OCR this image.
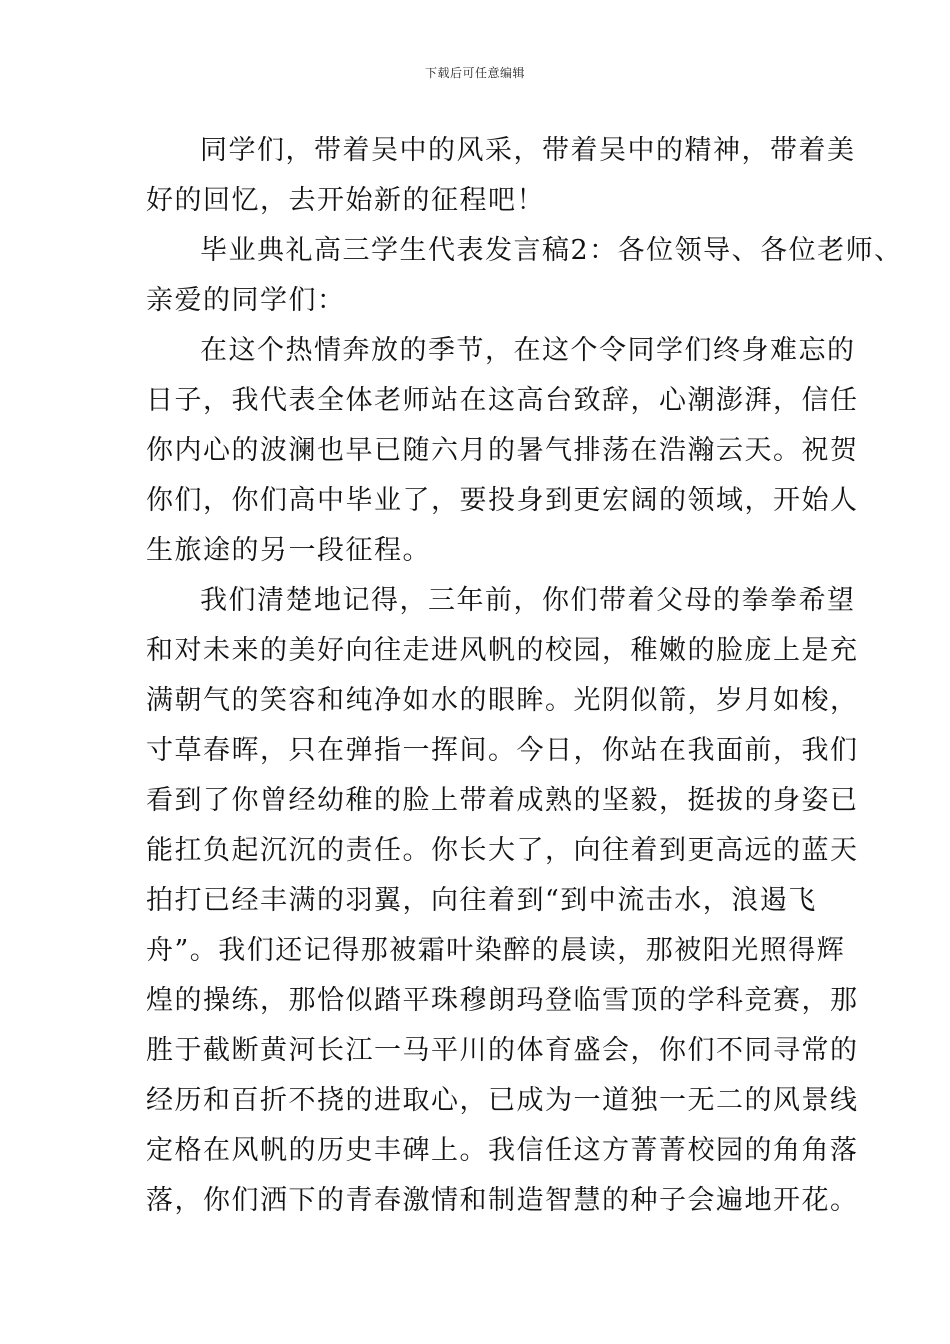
下载后可任意编辑
同学们，带着吴中的风采，带着吴中的精神，带着美
好的回忆，去开始新的征程吧！
毕业典礼高三学生代表发言稿2：各位领导、各位老师、
亲爱的同学们：
在这个热情奔放的季节，在这个令同学们终身难忘的
日子，我代表全体老师站在这高台致辞，心潮澎湃，信任
你内心的波澜也早已随六月的暑气排荡在浩瀚云天。祝贺
你们，你们高中毕业了，要投身到更宏阔的领域，开始人
生旅途的另一段征程。
我们清楚地记得，三年前，你们带着父母的拳拳希望
和对未来的美好向往走进风帆的校园，稚嫩的脸庞上是充
满朝气的笑容和纯净如水的眼眸。光阴似箭，岁月如梭，
寸草春晖，只在弹指一挥间。今日，你站在我面前，我们
看到了你曾经幼稚的脸上带着成熟的坚毅，挺拔的身姿已
能扛负起沉沉的责任。你长大了，向往着到更高远的蓝天
拍打已经丰满的羽翼，向往着到“到中流击水，浪遏飞
舟”。我们还记得那被霜叶染醉的晨读，那被阳光照得辉
煌的操练，那恰似踏平珠穆朗玛登临雪顶的学科竞赛，那
胜于截断黄河长江一马平川的体育盛会，你们不同寻常的
经历和百折不挠的进取心，已成为一道独一无二的风景线
定格在风帆的历史丰碑上。我信任这方菁菁校园的角角落
落，你们洒下的青春激情和制造智慧的种子会遍地开花。
